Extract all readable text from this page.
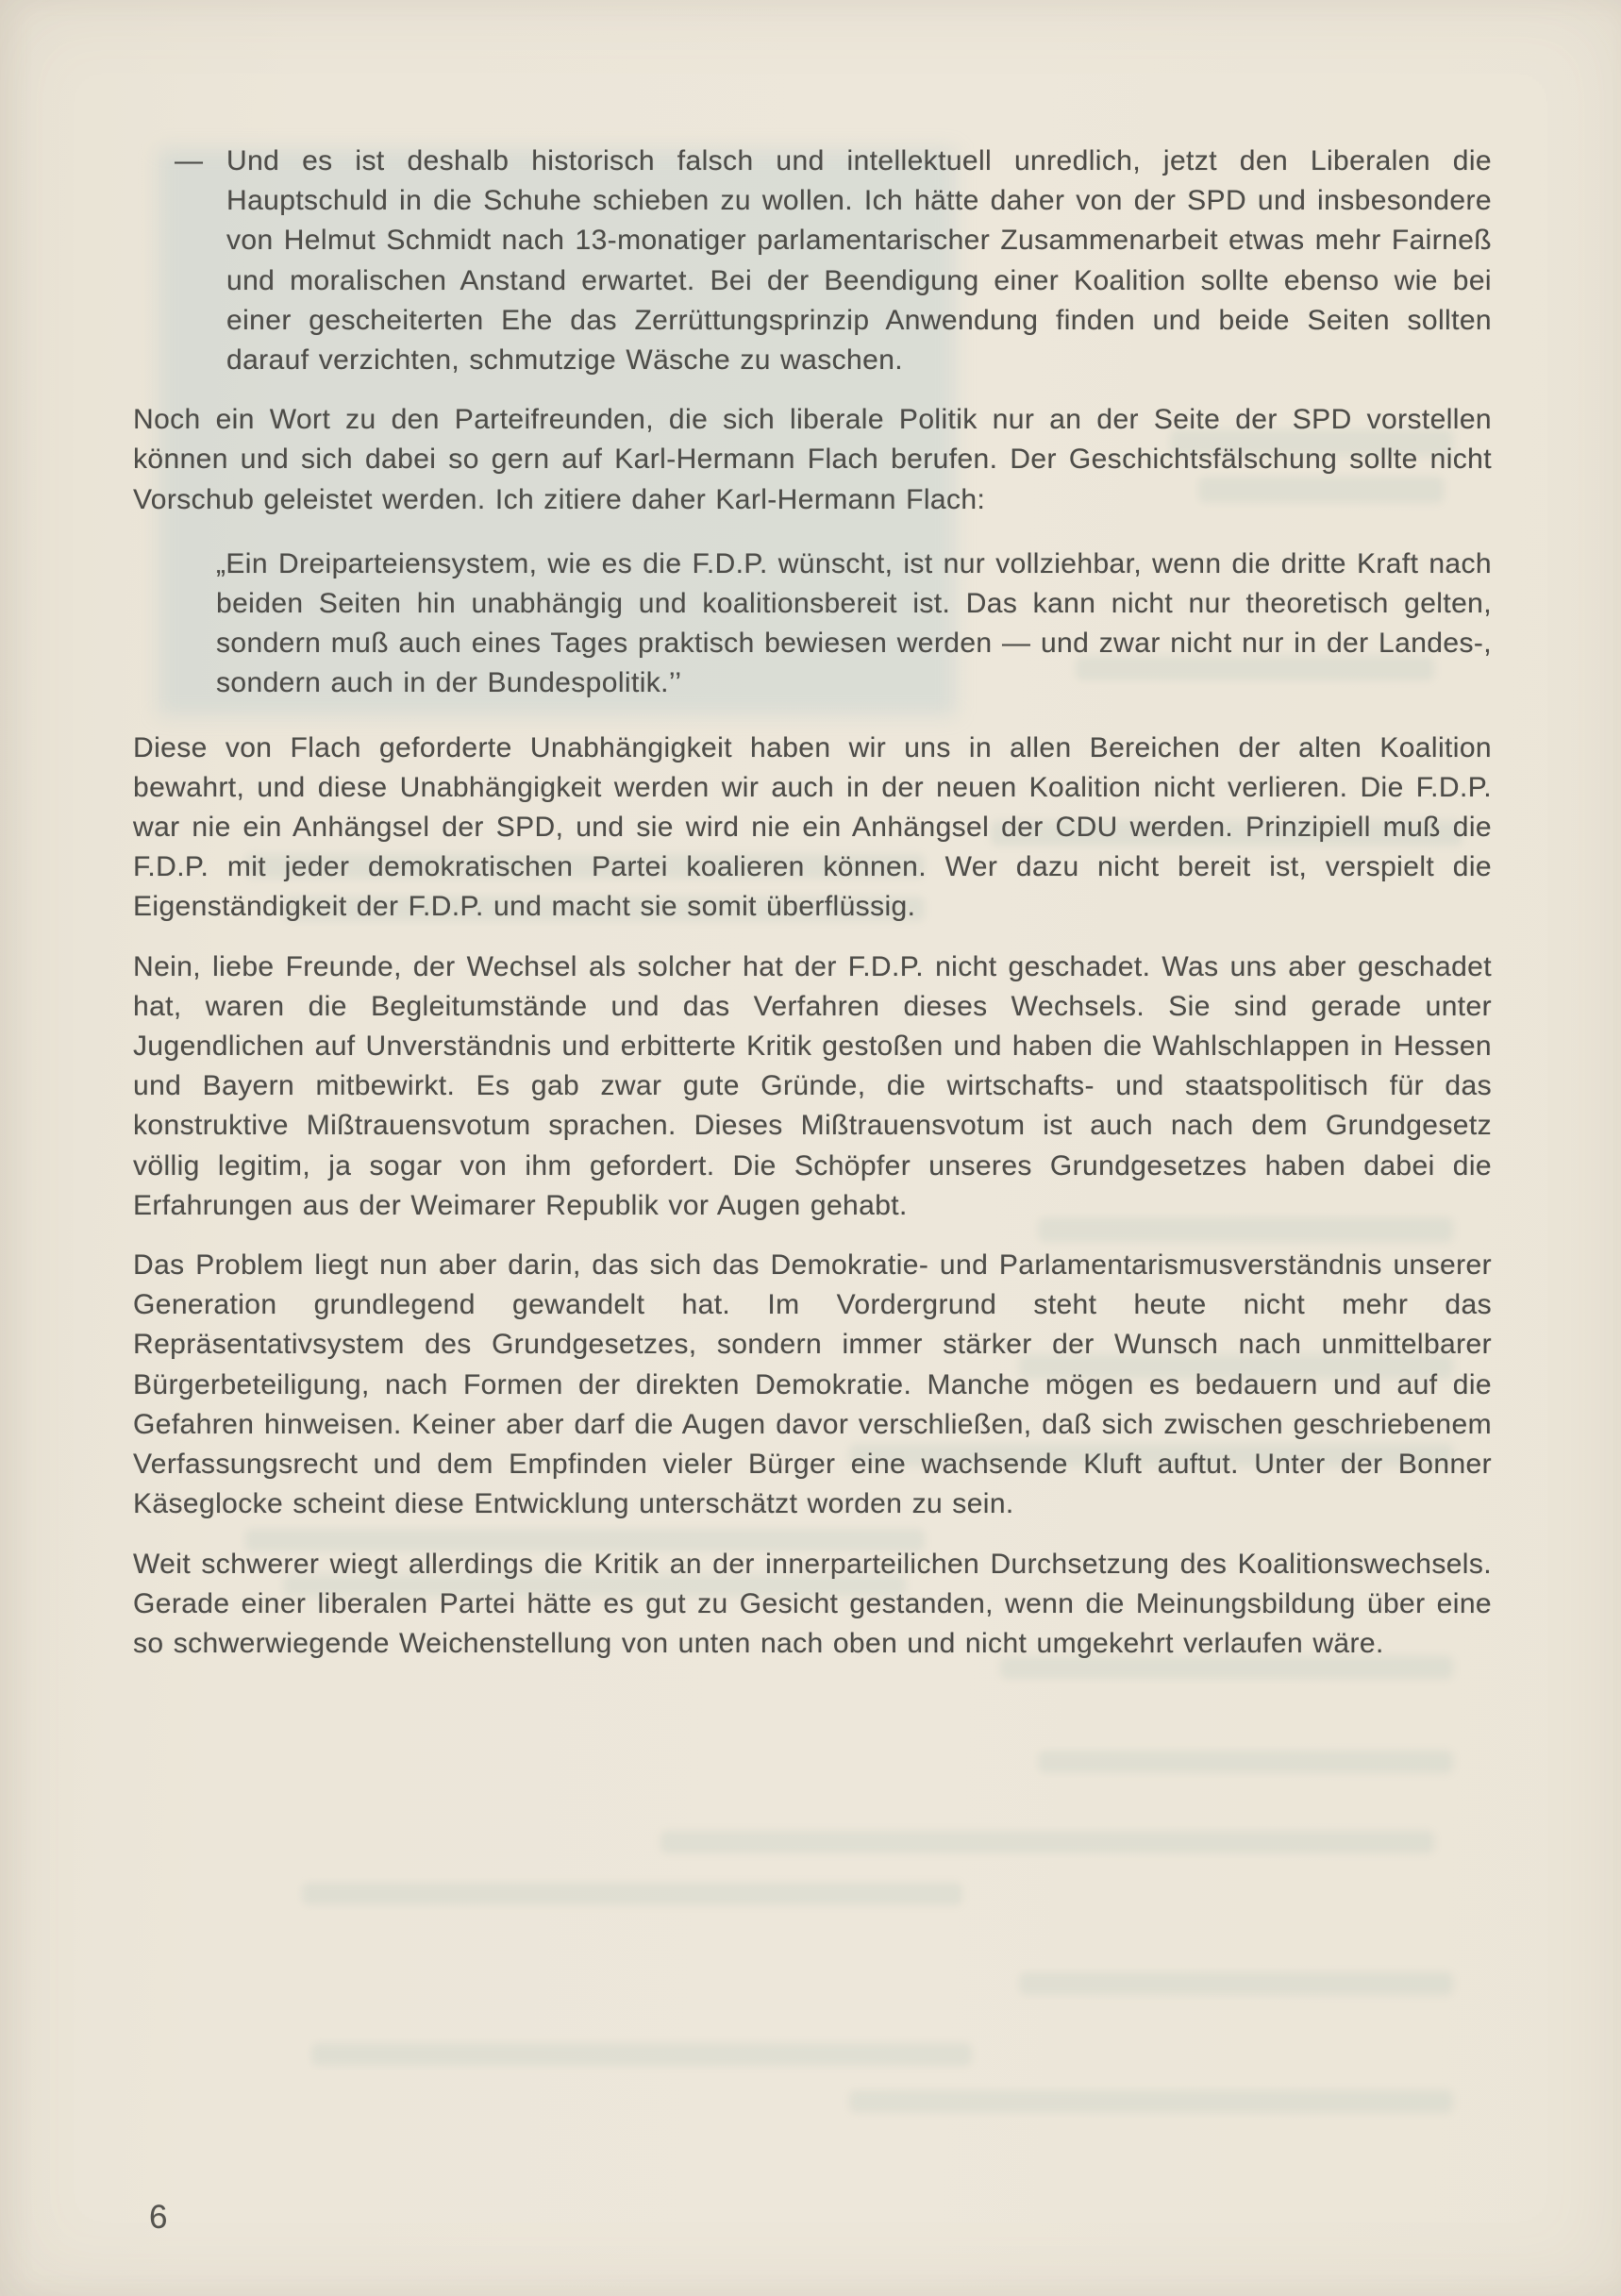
— Und es ist deshalb historisch falsch und intellektuell unredlich, jetzt den Liberalen die Hauptschuld in die Schuhe schieben zu wollen. Ich hätte daher von der SPD und insbesondere von Helmut Schmidt nach 13-monatiger parlamentarischer Zusammenarbeit etwas mehr Fairneß und moralischen Anstand erwartet. Bei der Beendigung einer Koalition sollte ebenso wie bei einer gescheiterten Ehe das Zerrüttungsprinzip Anwendung finden und beide Seiten sollten darauf verzichten, schmutzige Wäsche zu waschen.

Noch ein Wort zu den Parteifreunden, die sich liberale Politik nur an der Seite der SPD vorstellen können und sich dabei so gern auf Karl-Hermann Flach berufen. Der Geschichtsfälschung sollte nicht Vorschub geleistet werden. Ich zitiere daher Karl-Hermann Flach:

„Ein Dreiparteiensystem, wie es die F.D.P. wünscht, ist nur vollziehbar, wenn die dritte Kraft nach beiden Seiten hin unabhängig und koalitionsbereit ist. Das kann nicht nur theoretisch gelten, sondern muß auch eines Tages praktisch bewiesen werden — und zwar nicht nur in der Landes-, sondern auch in der Bundespolitik.’’

Diese von Flach geforderte Unabhängigkeit haben wir uns in allen Bereichen der alten Koalition bewahrt, und diese Unabhängigkeit werden wir auch in der neuen Koalition nicht verlieren. Die F.D.P. war nie ein Anhängsel der SPD, und sie wird nie ein Anhängsel der CDU werden. Prinzipiell muß die F.D.P. mit jeder demokratischen Partei koalieren können. Wer dazu nicht bereit ist, verspielt die Eigenständigkeit der F.D.P. und macht sie somit überflüssig.

Nein, liebe Freunde, der Wechsel als solcher hat der F.D.P. nicht geschadet. Was uns aber geschadet hat, waren die Begleitumstände und das Verfahren dieses Wechsels. Sie sind gerade unter Jugendlichen auf Unverständnis und erbitterte Kritik gestoßen und haben die Wahlschlappen in Hessen und Bayern mitbewirkt. Es gab zwar gute Gründe, die wirtschafts- und staatspolitisch für das konstruktive Mißtrauensvotum sprachen. Dieses Mißtrauensvotum ist auch nach dem Grundgesetz völlig legitim, ja sogar von ihm gefordert. Die Schöpfer unseres Grundgesetzes haben dabei die Erfahrungen aus der Weimarer Republik vor Augen gehabt.

Das Problem liegt nun aber darin, das sich das Demokratie- und Parlamentarismusverständnis unserer Generation grundlegend gewandelt hat. Im Vordergrund steht heute nicht mehr das Repräsentativsystem des Grundgesetzes, sondern immer stärker der Wunsch nach unmittelbarer Bürgerbeteiligung, nach Formen der direkten Demokratie. Manche mögen es bedauern und auf die Gefahren hinweisen. Keiner aber darf die Augen davor verschließen, daß sich zwischen geschriebenem Verfassungsrecht und dem Empfinden vieler Bürger eine wachsende Kluft auftut. Unter der Bonner Käseglocke scheint diese Entwicklung unterschätzt worden zu sein.

Weit schwerer wiegt allerdings die Kritik an der innerparteilichen Durchsetzung des Koalitionswechsels. Gerade einer liberalen Partei hätte es gut zu Gesicht gestanden, wenn die Meinungsbildung über eine so schwerwiegende Weichenstellung von unten nach oben und nicht umgekehrt verlaufen wäre.

6
